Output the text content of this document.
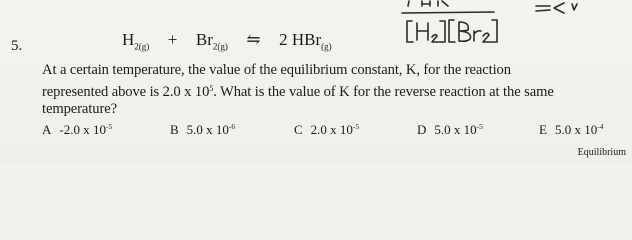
5.	$H_{2(g)} + Br_{2(g)}$ ⇋ 2 HBr$_{(g)}$

At a certain temperature, the value of the equilibrium constant, K, for the reaction

represented above is 2.0 x $10^5$. What is the value of K for the reverse reaction at the same

temperature?

A -2.0 x $10^{-5}$	B 5.0 x $10^{-6}$	C 2.0 x $10^{-5}$	D 5.0 x $10^{-5}$	E 5.0 x $10^{-4}$
Equilibrium
